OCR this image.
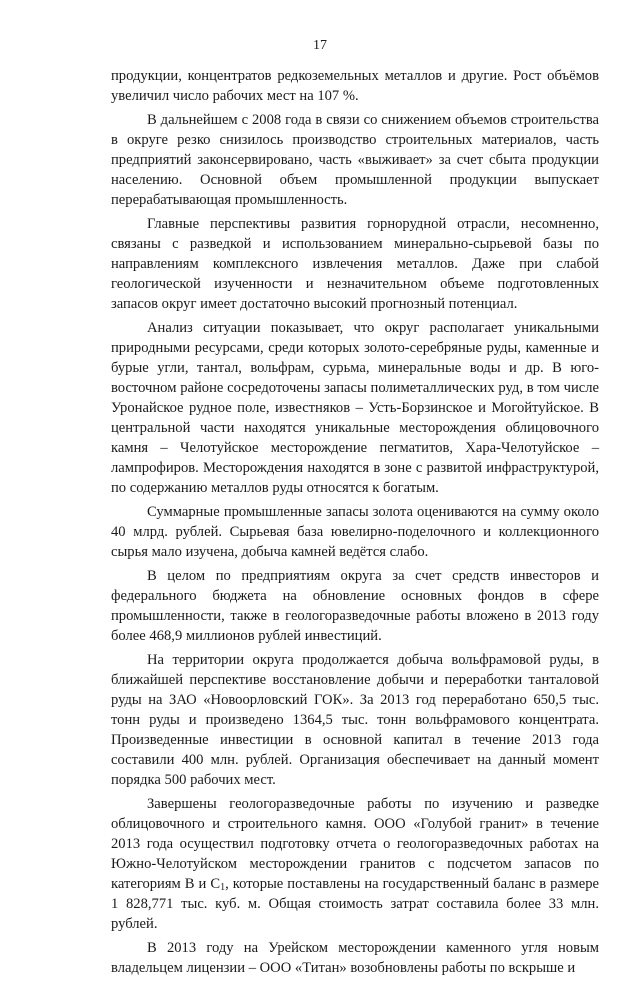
17

продукции, концентратов редкоземельных металлов и другие. Рост объёмов увеличил число рабочих мест на 107 %.

В дальнейшем с 2008 года в связи со снижением объемов строительства в округе резко снизилось производство строительных материалов, часть предприятий законсервировано, часть «выживает» за счет сбыта продукции населению. Основной объем промышленной продукции выпускает перерабатывающая промышленность.

Главные перспективы развития горнорудной отрасли, несомненно, связаны с разведкой и использованием минерально-сырьевой базы по направлениям комплексного извлечения металлов. Даже при слабой геологической изученности и незначительном объеме подготовленных запасов округ имеет достаточно высокий прогнозный потенциал.

Анализ ситуации показывает, что округ располагает уникальными природными ресурсами, среди которых золото-серебряные руды, каменные и бурые угли, тантал, вольфрам, сурьма, минеральные воды и др. В юго-восточном районе сосредоточены запасы полиметаллических руд, в том числе Уронайское рудное поле, известняков – Усть-Борзинское и Могойтуйское. В центральной части находятся уникальные месторождения облицовочного камня – Челотуйское месторождение пегматитов, Хара-Челотуйское – лампрофиров. Месторождения находятся в зоне с развитой инфраструктурой, по содержанию металлов руды относятся к богатым.

Суммарные промышленные запасы золота оцениваются на сумму около 40 млрд. рублей. Сырьевая база ювелирно-поделочного и коллекционного сырья мало изучена, добыча камней ведётся слабо.

В целом по предприятиям округа за счет средств инвесторов и федерального бюджета на обновление основных фондов в сфере промышленности, также в геологоразведочные работы вложено в 2013 году более 468,9 миллионов рублей инвестиций.

На территории округа продолжается добыча вольфрамовой руды, в ближайшей перспективе восстановление добычи и переработки танталовой руды на ЗАО «Новоорловский ГОК». За 2013 год переработано 650,5 тыс. тонн руды и произведено 1364,5 тыс. тонн вольфрамового концентрата. Произведенные инвестиции в основной капитал в течение 2013 года составили 400 млн. рублей. Организация обеспечивает на данный момент порядка 500 рабочих мест.

Завершены геологоразведочные работы по изучению и разведке облицовочного и строительного камня. ООО «Голубой гранит» в течение 2013 года осуществил подготовку отчета о геологоразведочных работах на Южно-Челотуйском месторождении гранитов с подсчетом запасов по категориям В и $С_1$, которые поставлены на государственный баланс в размере 1 828,771 тыс. куб. м. Общая стоимость затрат составила более 33 млн. рублей.

В 2013 году на Урейском месторождении каменного угля новым владельцем лицензии – ООО «Титан» возобновлены работы по вскрыше и
